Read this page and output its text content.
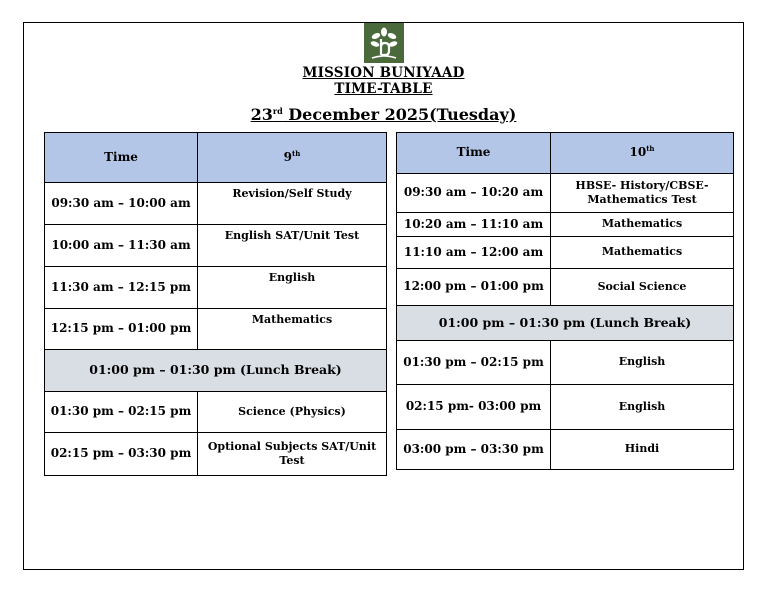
MISSION BUNIYAAD
TIME-TABLE
23rd December 2025(Tuesday)
Time	9th
09:30 am – 10:00 am	Revision/Self Study
10:00 am – 11:30 am	English SAT/Unit Test
11:30 am – 12:15 pm	English
12:15 pm – 01:00 pm	Mathematics
01:00 pm – 01:30 pm (Lunch Break)	
01:30 pm – 02:15 pm	Science (Physics)
02:15 pm – 03:30 pm	Optional Subjects SAT/Unit Test
Time	10th
09:30 am – 10:20 am	HBSE- History/CBSE-Mathematics Test
10:20 am – 11:10 am	Mathematics
11:10 am – 12:00 am	Mathematics
12:00 pm – 01:00 pm	Social Science
01:00 pm – 01:30 pm (Lunch Break)	
01:30 pm – 02:15 pm	English
02:15 pm- 03:00 pm	English
03:00 pm – 03:30 pm	Hindi
